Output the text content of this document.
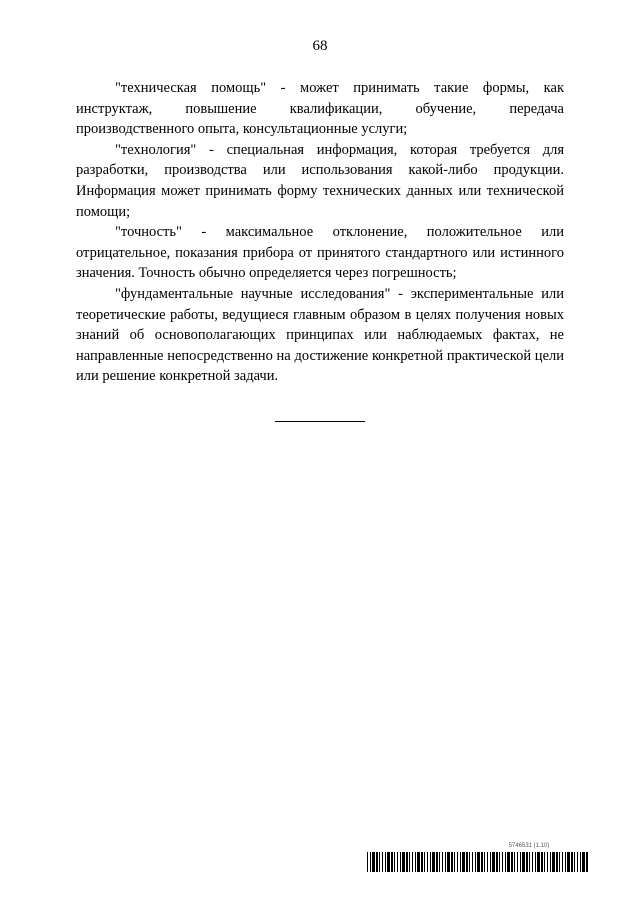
68

"техническая помощь" - может принимать такие формы, как инструктаж, повышение квалификации, обучение, передача производственного опыта, консультационные услуги;

"технология" - специальная информация, которая требуется для разработки, производства или использования какой-либо продукции. Информация может принимать форму технических данных или технической помощи;

"точность" - максимальное отклонение, положительное или отрицательное, показания прибора от принятого стандартного или истинного значения. Точность обычно определяется через погрешность;

"фундаментальные научные исследования" - экспериментальные или теоретические работы, ведущиеся главным образом в целях получения новых знаний об основополагающих принципах или наблюдаемых фактах, не направленные непосредственно на достижение конкретной практической цели или решение конкретной задачи.

5746531 (1.10)
